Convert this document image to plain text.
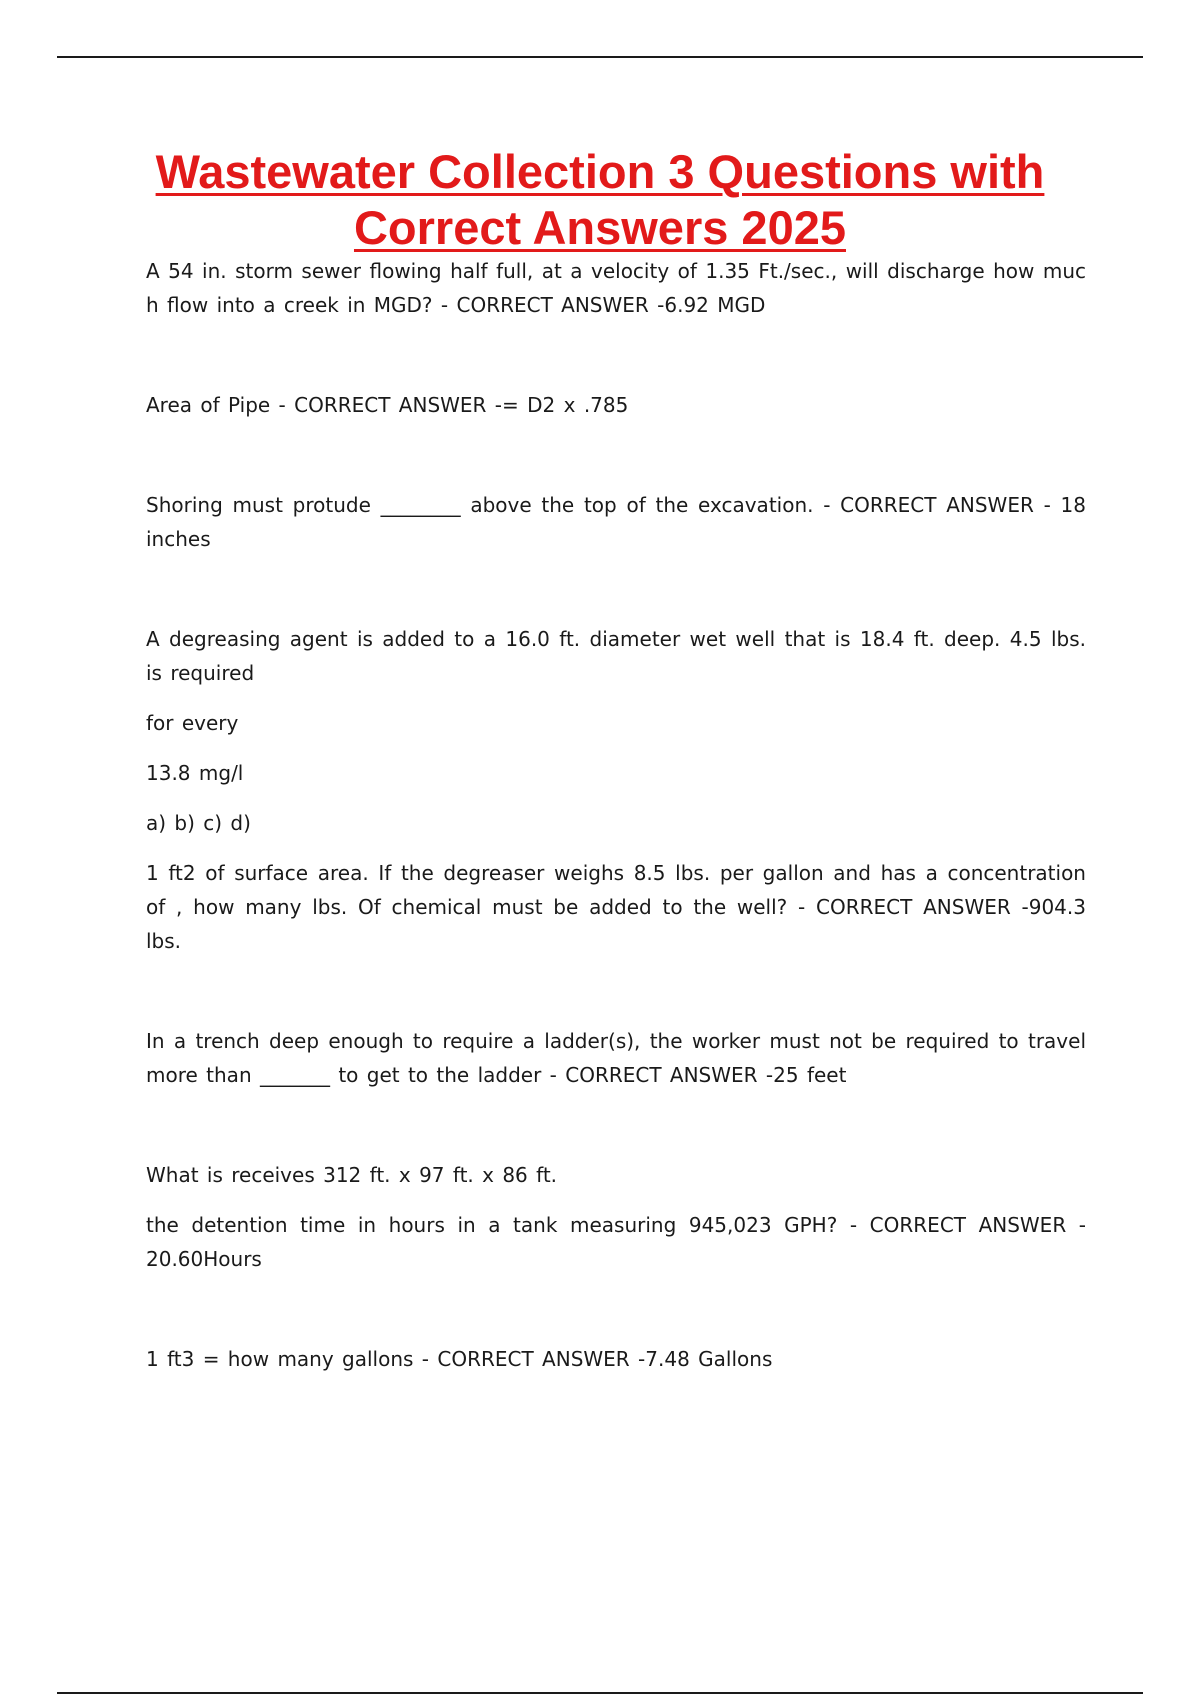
Wastewater Collection 3 Questions with
Correct Answers 2025

A 54 in. storm sewer flowing half full, at a velocity of 1.35 Ft./sec., will discharge how muc h flow into a creek in MGD? - CORRECT ANSWER -6.92 MGD

Area of Pipe - CORRECT ANSWER -= D2 x .785

Shoring must protude ________ above the top of the excavation. - CORRECT ANSWER - 18 inches

A degreasing agent is added to a 16.0 ft. diameter wet well that is 18.4 ft. deep. 4.5 lbs. is required

for every

13.8 mg/l

a) b) c) d)

1 ft2 of surface area. If the degreaser weighs 8.5 lbs. per gallon and has a concentration of , how many lbs. Of chemical must be added to the well? - CORRECT ANSWER -904.3 lbs.

In a trench deep enough to require a ladder(s), the worker must not be required to travel more than _______ to get to the ladder - CORRECT ANSWER -25 feet

What is receives 312 ft. x 97 ft. x 86 ft.

the detention time in hours in a tank measuring 945,023 GPH? - CORRECT ANSWER - 20.60Hours

1 ft3 = how many gallons - CORRECT ANSWER -7.48 Gallons
